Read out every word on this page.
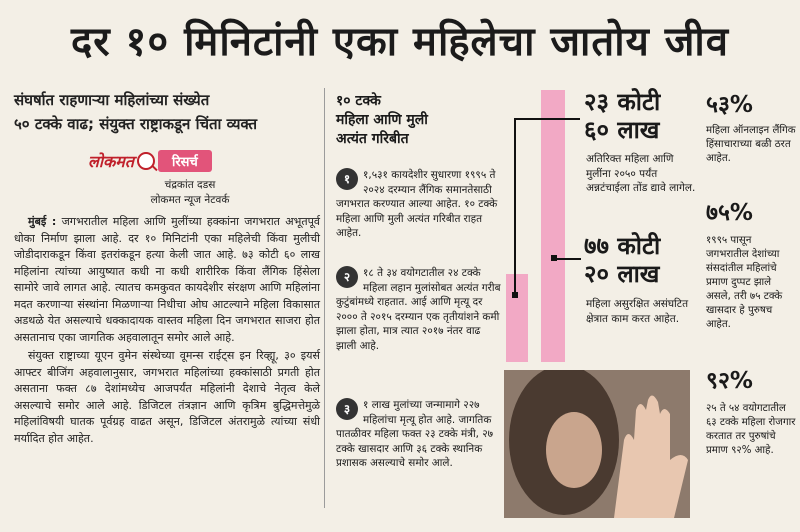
दर १० मिनिटांनी एका महिलेचा जातोय जीव
संघर्षात राहणाऱ्या महिलांच्या संख्येत
५० टक्के वाढ; संयुक्त राष्ट्राकडून चिंता व्यक्त
लोकमत	रिसर्च
चंद्रकांत दडस
लोकमत न्यूज नेटवर्क

मुंबई : जगभरातील महिला आणि मुलींच्या हक्कांना जगभरात अभूतपूर्व धोका निर्माण झाला आहे. दर १० मिनिटांनी एका महिलेची किंवा मुलीची जोडीदाराकडून किंवा इतरांकडून हत्या केली जात आहे. ७३ कोटी ६० लाख महिलांना त्यांच्या आयुष्यात कधी ना कधी शारीरिक किंवा लैंगिक हिंसेला सामोरे जावे लागत आहे. त्यातच कमकुवत कायदेशीर संरक्षण आणि महिलांना मदत करणाऱ्या संस्थांना मिळणाऱ्या निधीचा ओघ आटल्याने महिला विकासात अडथळे येत असल्याचे धक्कादायक वास्तव महिला दिन जगभरात साजरा होत असतानाच एका जागतिक अहवालातून समोर आले आहे.

संयुक्त राष्ट्राच्या यूएन वुमेन संस्थेच्या वूमन्स राईट्स इन रिव्ह्यू, ३० इयर्स आफ्टर बीजिंग अहवालानुसार, जगभरात महिलांच्या हक्कांसाठी प्रगती होत असताना फक्त ८७ देशांमध्येच आजपर्यंत महिलांनी देशाचे नेतृत्व केले असल्याचे समोर आले आहे. डिजिटल तंत्रज्ञान आणि कृत्रिम बुद्धिमत्तेमुळे महिलांविषयी घातक पूर्वग्रह वाढत असून, डिजिटल अंतरामुळे त्यांच्या संधी मर्यादित होत आहेत.

१० टक्के
महिला आणि मुली
अत्यंत गरिबीत
१	१,५३१ कायदेशीर सुधारणा १९९५ ते २०२४ दरम्यान लैंगिक समानतेसाठी जगभरात करण्यात आल्या आहेत. १० टक्के महिला आणि मुली अत्यंत गरिबीत राहत आहेत.
२	१८ ते ३४ वयोगटातील २४ टक्के महिला लहान मुलांसोबत अत्यंत गरीब कुटुंबांमध्ये राहतात. आई आणि मृत्यू दर २००० ते २०१५ दरम्यान एक तृतीयांशने कमी झाला होता, मात्र त्यात २०१७ नंतर वाढ झाली आहे.
३	१ लाख मुलांच्या जन्मामागे २२७ महिलांचा मृत्यू होत आहे. जागतिक पातळीवर महिला फक्त २३ टक्के मंत्री, २७ टक्के खासदार आणि ३६ टक्के स्थानिक प्रशासक असल्याचे समोर आले.
२३ कोटी
६० लाख
अतिरिक्त महिला आणि मुलींना २०५० पर्यंत अन्नटंचाईला तोंड द्यावे लागेल.
७७ कोटी
२० लाख
महिला असुरक्षित असंघटित क्षेत्रात काम करत आहेत.
५३%
महिला ऑनलाइन लैंगिक हिंसाचाराच्या बळी ठरत आहेत.
७५%
१९९५ पासून जगभरातील देशांच्या संसदांतील महिलांचे प्रमाण दुप्पट झाले असले, तरी ७५ टक्के खासदार हे पुरुषच आहेत.
९२%
२५ ते ५४ वयोगटातील ६३ टक्के महिला रोजगार करतात तर पुरुषांचे प्रमाण ९२% आहे.
